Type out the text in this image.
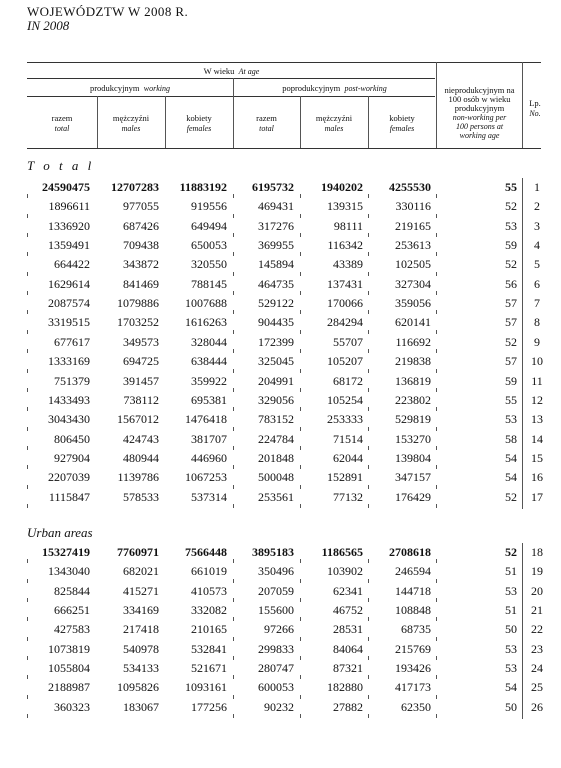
WOJEWÓDZTW W 2008 R.
IN 2008
W wieku At age
produkcyjnym working	poprodukcyjnym post-working
razem
total
mężczyźni
males
kobiety
females
razem
total
mężczyźni
males
kobiety
females
nieprodukcyjnym na
100 osób w wieku
produkcyjnym
non-working per
100 persons at
working age
Lp.
No.
T o t a l
24590475 12707283 11883192 6195732 1940202 4255530	55	1
1896611	977055	919556	469431	139315	330116	52	2
1336920	687426	649494	317276	98111	219165	53	3
1359491	709438	650053	369955	116342	253613	59	4
664422	343872	320550	145894	43389	102505	52	5
1629614	841469	788145	464735	137431	327304	56	6
2087574 1079886 1007688	529122	170066	359056	57	7
3319515 1703252 1616263	904435	284294	620141	57	8
677617	349573	328044	172399	55707	116692	52	9
1333169	694725	638444	325045	105207	219838	57	10
751379	391457	359922	204991	68172	136819	59	11
1433493	738112	695381	329056	105254	223802	55	12
3043430 1567012 1476418	783152	253333	529819	53	13
806450	424743	381707	224784	71514	153270	58	14
927904	480944	446960	201848	62044	139804	54	15
2207039 1139786 1067253	500048	152891	347157	54	16
1115847	578533	537314	253561	77132	176429	52	17
Urban areas
15327419 7760971 7566448 3895183 1186565 2708618	52	18
1343040	682021	661019	350496	103902	246594	51	19
825844	415271	410573	207059	62341	144718	53	20
666251	334169	332082	155600	46752	108848	51	21
427583	217418	210165	97266	28531	68735	50	22
1073819	540978	532841	299833	84064	215769	53	23
1055804	534133	521671	280747	87321	193426	53	24
2188987 1095826 1093161	600053	182880	417173	54	25
360323	183067	177256	90232	27882	62350	50	26
